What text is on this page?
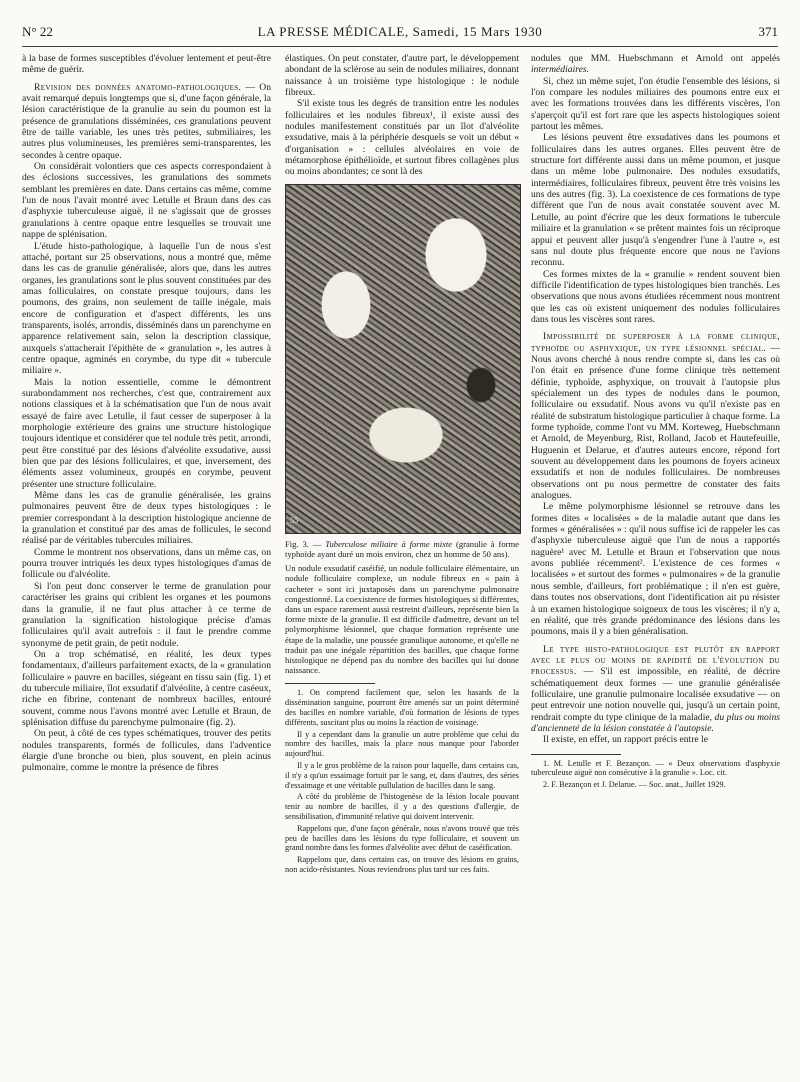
N° 22	LA PRESSE MÉDICALE, Samedi, 15 Mars 1930	371

à la base de formes susceptibles d'évoluer lentement et peut-être même de guérir.

Revision des données anatomo-pathologiques. — On avait remarqué depuis longtemps que si, d'une façon générale, la lésion caractéristique de la granulie au sein du poumon est la présence de granulations disséminées, ces granulations peuvent être de taille variable, les unes très petites, submiliaires, les autres plus volumineuses, les premières semi-transparentes, les secondes à centre opaque.

On considérait volontiers que ces aspects correspondaient à des éclosions successives, les granulations des sommets semblant les premières en date. Dans certains cas même, comme l'un de nous l'avait montré avec Letulle et Braun dans des cas d'asphyxie tuberculeuse aiguë, il ne s'agissait que de grosses granulations à centre opaque entre lesquelles se trouvait une nappe de splénisation.

L'étude histo-pathologique, à laquelle l'un de nous s'est attaché, portant sur 25 observations, nous a montré que, même dans les cas de granulie généralisée, alors que, dans les autres organes, les granulations sont le plus souvent constituées par des amas folliculaires, on constate presque toujours, dans les poumons, des grains, non seulement de taille inégale, mais encore de configuration et d'aspect différents, les uns transparents, isolés, arrondis, disséminés dans un parenchyme en apparence relativement sain, selon la description classique, auxquels s'attacherait l'épithète de « granulation », les autres à centre opaque, agminés en corymbe, du type dit « tubercule miliaire ».

Mais la notion essentielle, comme le démontrent surabondamment nos recherches, c'est que, contrairement aux notions classiques et à la schématisation que l'un de nous avait essayé de faire avec Letulle, il faut cesser de superposer à la morphologie extérieure des grains une structure histologique toujours identique et considérer que tel nodule très petit, arrondi, peut être constitué par des lésions d'alvéolite exsudative, aussi bien que par des lésions folliculaires, et que, inversement, des éléments assez volumineux, groupés en corymbe, peuvent présenter une structure folliculaire.

Même dans les cas de granulie généralisée, les grains pulmonaires peuvent être de deux types histologiques : le premier correspondant à la description histologique ancienne de la granulation et constitué par des amas de follicules, le second réalisé par de véritables tubercules miliaires.

Comme le montrent nos observations, dans un même cas, on pourra trouver intriqués les deux types histologiques d'amas de follicule ou d'alvéolite.

Si l'on peut donc conserver le terme de granulation pour caractériser les grains qui criblent les organes et les poumons dans la granulie, il ne faut plus attacher à ce terme de granulation la signification histologique précise d'amas folliculaires qu'il avait autrefois : il faut le prendre comme synonyme de petit grain, de petit nodule.

On a trop schématisé, en réalité, les deux types fondamentaux, d'ailleurs parfaitement exacts, de la « granulation folliculaire » pauvre en bacilles, siégeant en tissu sain (fig. 1) et du tubercule miliaire, îlot exsudatif d'alvéolite, à centre caséeux, riche en fibrine, contenant de nombreux bacilles, entouré souvent, comme nous l'avons montré avec Letulle et Braun, de splénisation diffuse du parenchyme pulmonaire (fig. 2).

On peut, à côté de ces types schématiques, trouver des petits nodules transparents, formés de follicules, dans l'adventice élargie d'une bronche ou bien, plus souvent, en plein acinus pulmonaire, comme le montre la présence de fibres

élastiques. On peut constater, d'autre part, le développement abondant de la sclérose au sein de nodules miliaires, donnant naissance à un troisième type histologique : le nodule fibreux.

S'il existe tous les degrés de transition entre les nodules folliculaires et les nodules fibreux¹, il existe aussi des nodules manifestement constitués par un îlot d'alvéolite exsudative, mais à la périphérie desquels se voit un début « d'organisation » : cellules alvéolaires en voie de métamorphose épithélioïde, et surtout fibres collagènes plus ou moins abondantes; ce sont là des

55
Fig. 3. — Tuberculose miliaire à forme mixte (granulie à forme typhoïde ayant duré un mois environ, chez un homme de 50 ans).
Un nodule exsudatif caséifié, un nodule folliculaire élémentaire, un nodule folliculaire complexe, un nodule fibreux en « pain à cacheter » sont ici juxtaposés dans un parenchyme pulmonaire congestionné. La coexistence de formes histologiques si différentes, dans un espace rarement aussi restreint d'ailleurs, représente bien la forme mixte de la granulie. Il est difficile d'admettre, devant un tel polymorphisme lésionnel, que chaque formation représente une étape de la maladie, une poussée granulique autonome, et qu'elle ne traduit pas une inégale répartition des bacilles, que chaque forme histologique ne dépend pas du nombre des bacilles qui lui donne naissance.

1. On comprend facilement que, selon les hasards de la dissémination sanguine, pourront être amenés sur un point déterminé des bacilles en nombre variable, d'où formation de lésions de types différents, suscitant plus ou moins la réaction de voisinage.

Il y a cependant dans la granulie un autre problème que celui du nombre des bacilles, mais la place nous manque pour l'aborder aujourd'hui.

Il y a le gros problème de la raison pour laquelle, dans certains cas, il n'y a qu'un essaimage fortuit par le sang, et, dans d'autres, des séries d'essaimage et une véritable pullulation de bacilles dans le sang.

A côté du problème de l'histogenèse de la lésion locale pouvant tenir au nombre de bacilles, il y a des questions d'allergie, de sensibilisation, d'immunité relative qui doivent intervenir.

Rappelons que, d'une façon générale, nous n'avons trouvé que très peu de bacilles dans les lésions du type folliculaire, et souvent un grand nombre dans les formes d'alvéolite avec début de caséification.

Rappelons que, dans certains cas, on trouve des lésions en grains, non acido-résistantes. Nous reviendrons plus tard sur ces faits.

nodules que MM. Huebschmann et Arnold ont appelés intermédiaires.

Si, chez un même sujet, l'on étudie l'ensemble des lésions, si l'on compare les nodules miliaires des poumons entre eux et avec les formations trouvées dans les différents viscères, l'on s'aperçoit qu'il est fort rare que les aspects histologiques soient partout les mêmes.

Les lésions peuvent être exsudatives dans les poumons et folliculaires dans les autres organes. Elles peuvent être de structure fort différente aussi dans un même poumon, et jusque dans un même lobe pulmonaire. Des nodules exsudatifs, intermédiaires, folliculaires fibreux, peuvent être très voisins les uns des autres (fig. 3). La coexistence de ces formations de type différent que l'un de nous avait constatée souvent avec M. Letulle, au point d'écrire que les deux formations le tubercule miliaire et la granulation « se prêtent maintes fois un réciproque appui et peuvent aller jusqu'à s'engendrer l'une à l'autre », est sans nul doute plus fréquente encore que nous ne l'avions reconnu.

Ces formes mixtes de la « granulie » rendent souvent bien difficile l'identification de types histologiques bien tranchés. Les observations que nous avons étudiées récemment nous montrent que les cas où existent uniquement des nodules folliculaires dans tous les viscères sont rares.

Impossibilité de superposer à la forme clinique, typhoïde ou asphyxique, un type lésionnel spécial. — Nous avons cherché à nous rendre compte si, dans les cas où l'on était en présence d'une forme clinique très nettement définie, typhoïde, asphyxique, on trouvait à l'autopsie plus spécialement un des types de nodules dans le poumon, folliculaire ou exsudatif. Nous avons vu qu'il n'existe pas en réalité de substratum histologique particulier à chaque forme. La forme typhoïde, comme l'ont vu MM. Korteweg, Huebschmann et Arnold, de Meyenburg, Rist, Rolland, Jacob et Hautefeuille, Huguenin et Delarue, et d'autres auteurs encore, répond fort souvent au développement dans les poumons de foyers acineux exsudatifs et non de nodules folliculaires. De nombreuses observations ont pu nous permettre de constater des faits analogues.

Le même polymorphisme lésionnel se retrouve dans les formes dites « localisées » de la maladie autant que dans les formes « généralisées » : qu'il nous suffise ici de rappeler les cas d'asphyxie tuberculeuse aiguë que l'un de nous a rapportés naguère¹ avec M. Letulle et Braun et l'observation que nous avons publiée récemment². L'existence de ces formes « localisées » et surtout des formes « pulmonaires » de la granulie nous semble, d'ailleurs, fort problématique ; il n'en est guère, dans toutes nos observations, dont l'identification ait pu résister à un examen histologique soigneux de tous les viscères; il n'y a, en réalité, que très grande prédominance des lésions dans les poumons, mais il y a bien généralisation.

Le type histo-pathologique est plutôt en rapport avec le plus ou moins de rapidité de l'évolution du processus. — S'il est impossible, en réalité, de décrire schématiquement deux formes — une granulie généralisée folliculaire, une granulie pulmonaire localisée exsudative — on peut entrevoir une notion nouvelle qui, jusqu'à un certain point, rendrait compte du type clinique de la maladie, du plus ou moins d'ancienneté de la lésion constatée à l'autopsie.

Il existe, en effet, un rapport précis entre le

1. M. Letulle et F. Bezançon. — « Deux observations d'asphyxie tuberculeuse aiguë non consécutive à la granulie ». Loc. cit.

2. F. Bezançon et J. Delarue. — Soc. anat., Juillet 1929.
